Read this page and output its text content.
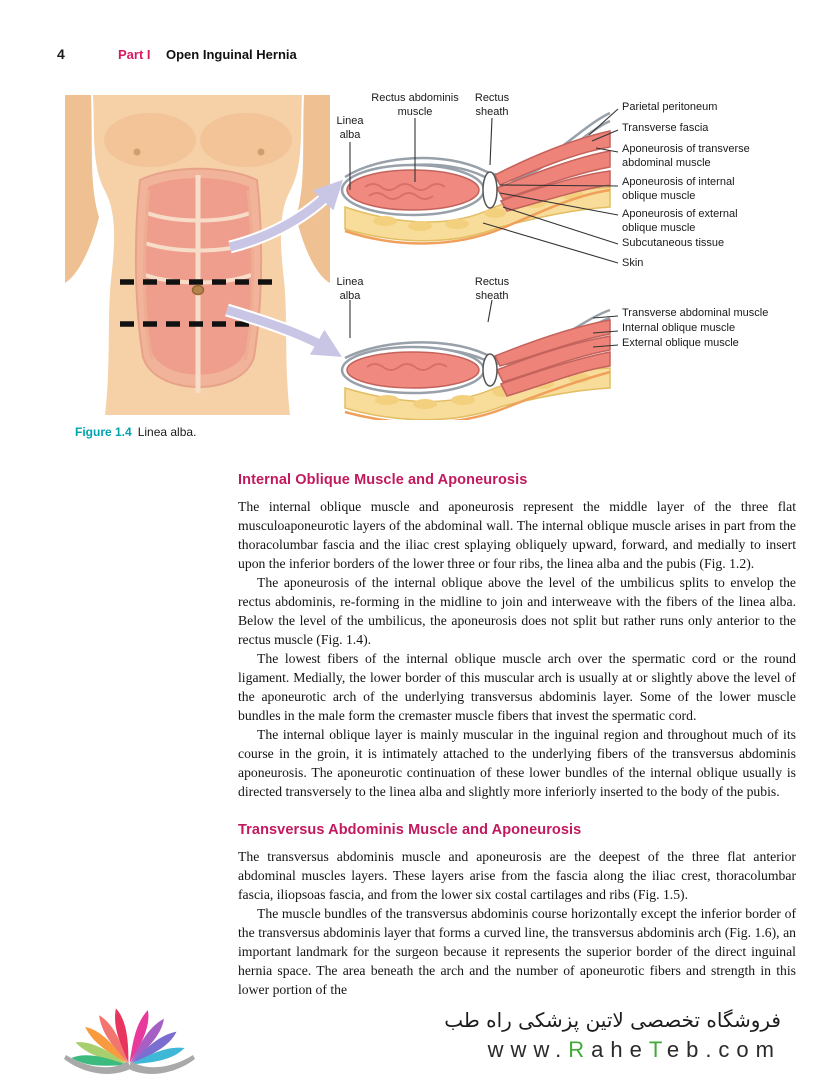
4	Part I Open Inguinal Hernia
Rectus abdominis muscle
Rectus sheath
Linea alba
Parietal peritoneum
Transverse fascia
Aponeurosis of transverse abdominal muscle
Aponeurosis of internal oblique muscle
Aponeurosis of external oblique muscle
Subcutaneous tissue
Skin
Linea alba
Rectus sheath
Transverse abdominal muscle
Internal oblique muscle
External oblique muscle
Figure 1.4 Linea alba.
Internal Oblique Muscle and Aponeurosis

The internal oblique muscle and aponeurosis represent the middle layer of the three flat musculoaponeurotic layers of the abdominal wall. The internal oblique muscle arises in part from the thoracolumbar fascia and the iliac crest splaying obliquely upward, forward, and medially to insert upon the inferior borders of the lower three or four ribs, the linea alba and the pubis (Fig. 1.2).

The aponeurosis of the internal oblique above the level of the umbilicus splits to envelop the rectus abdominis, re-forming in the midline to join and interweave with the fibers of the linea alba. Below the level of the umbilicus, the aponeurosis does not split but rather runs only anterior to the rectus muscle (Fig. 1.4).

The lowest fibers of the internal oblique muscle arch over the spermatic cord or the round ligament. Medially, the lower border of this muscular arch is usually at or slightly above the level of the aponeurotic arch of the underlying transversus abdominis layer. Some of the lower muscle bundles in the male form the cremaster muscle fibers that invest the spermatic cord.

The internal oblique layer is mainly muscular in the inguinal region and throughout much of its course in the groin, it is intimately attached to the underlying fibers of the transversus abdominis aponeurosis. The aponeurotic continuation of these lower bundles of the internal oblique usually is directed transversely to the linea alba and slightly more inferiorly inserted to the body of the pubis.

Transversus Abdominis Muscle and Aponeurosis

The transversus abdominis muscle and aponeurosis are the deepest of the three flat anterior abdominal muscles layers. These layers arise from the fascia along the iliac crest, thoracolumbar fascia, iliopsoas fascia, and from the lower six costal cartilages and ribs (Fig. 1.5).

The muscle bundles of the transversus abdominis course horizontally except the inferior border of the transversus abdominis layer that forms a curved line, the transversus abdominis arch (Fig. 1.6), an important landmark for the surgeon because it represents the superior border of the direct inguinal hernia space. The area beneath the arch and the number of aponeurotic fibers and strength in this lower portion of the

فروشگاه تخصصی لاتین پزشکی راه طب
www.RaheTeb.com
